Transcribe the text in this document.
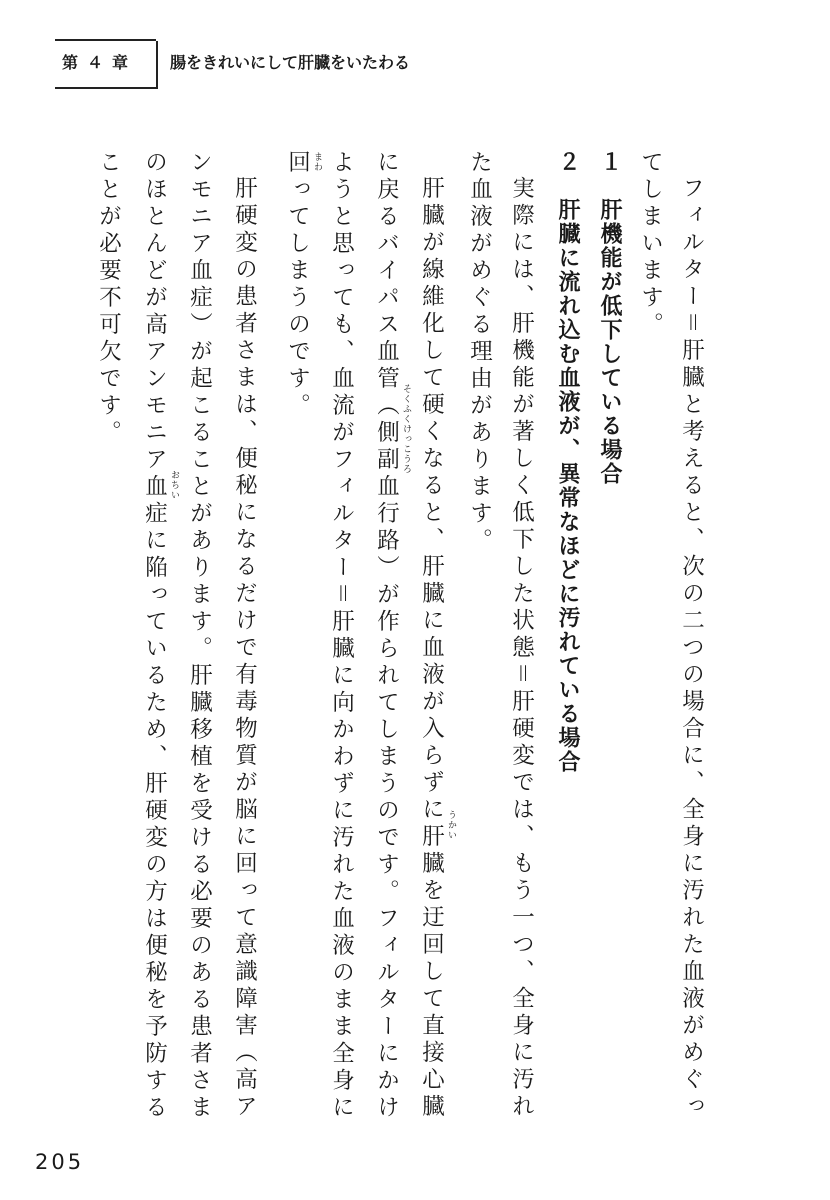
第４章	腸をきれいにして肝臓をいたわる
フィルター＝肝臓と考えると、次の二つの場合に、全身に汚れた血液がめぐっ
てしまいます。
１　肝機能が低下している場合
２　肝臓に流れ込む血液が、異常なほどに汚れている場合
実際には、肝機能が著しく低下した状態＝肝硬変では、もう一つ、全身に汚れ
た血液がめぐる理由があります。
肝臓が線維化して硬くなると、肝臓に血液が入らずに肝臓を迂回して直接心臓
に戻るバイパス血管（側副血行路）が作られてしまうのです。フィルターにかけ
ようと思っても、血流がフィルター＝肝臓に向かわずに汚れた血液のまま全身に
回ってしまうのです。
肝硬変の患者さまは、便秘になるだけで有毒物質が脳に回って意識障害（高ア
ンモニア血症）が起こることがあります。肝臓移植を受ける必要のある患者さま
のほとんどが高アンモニア血症に陥っているため、肝硬変の方は便秘を予防する
ことが必要不可欠です。
うかい
そくふくけっこうろ
まわ
おちい
205
